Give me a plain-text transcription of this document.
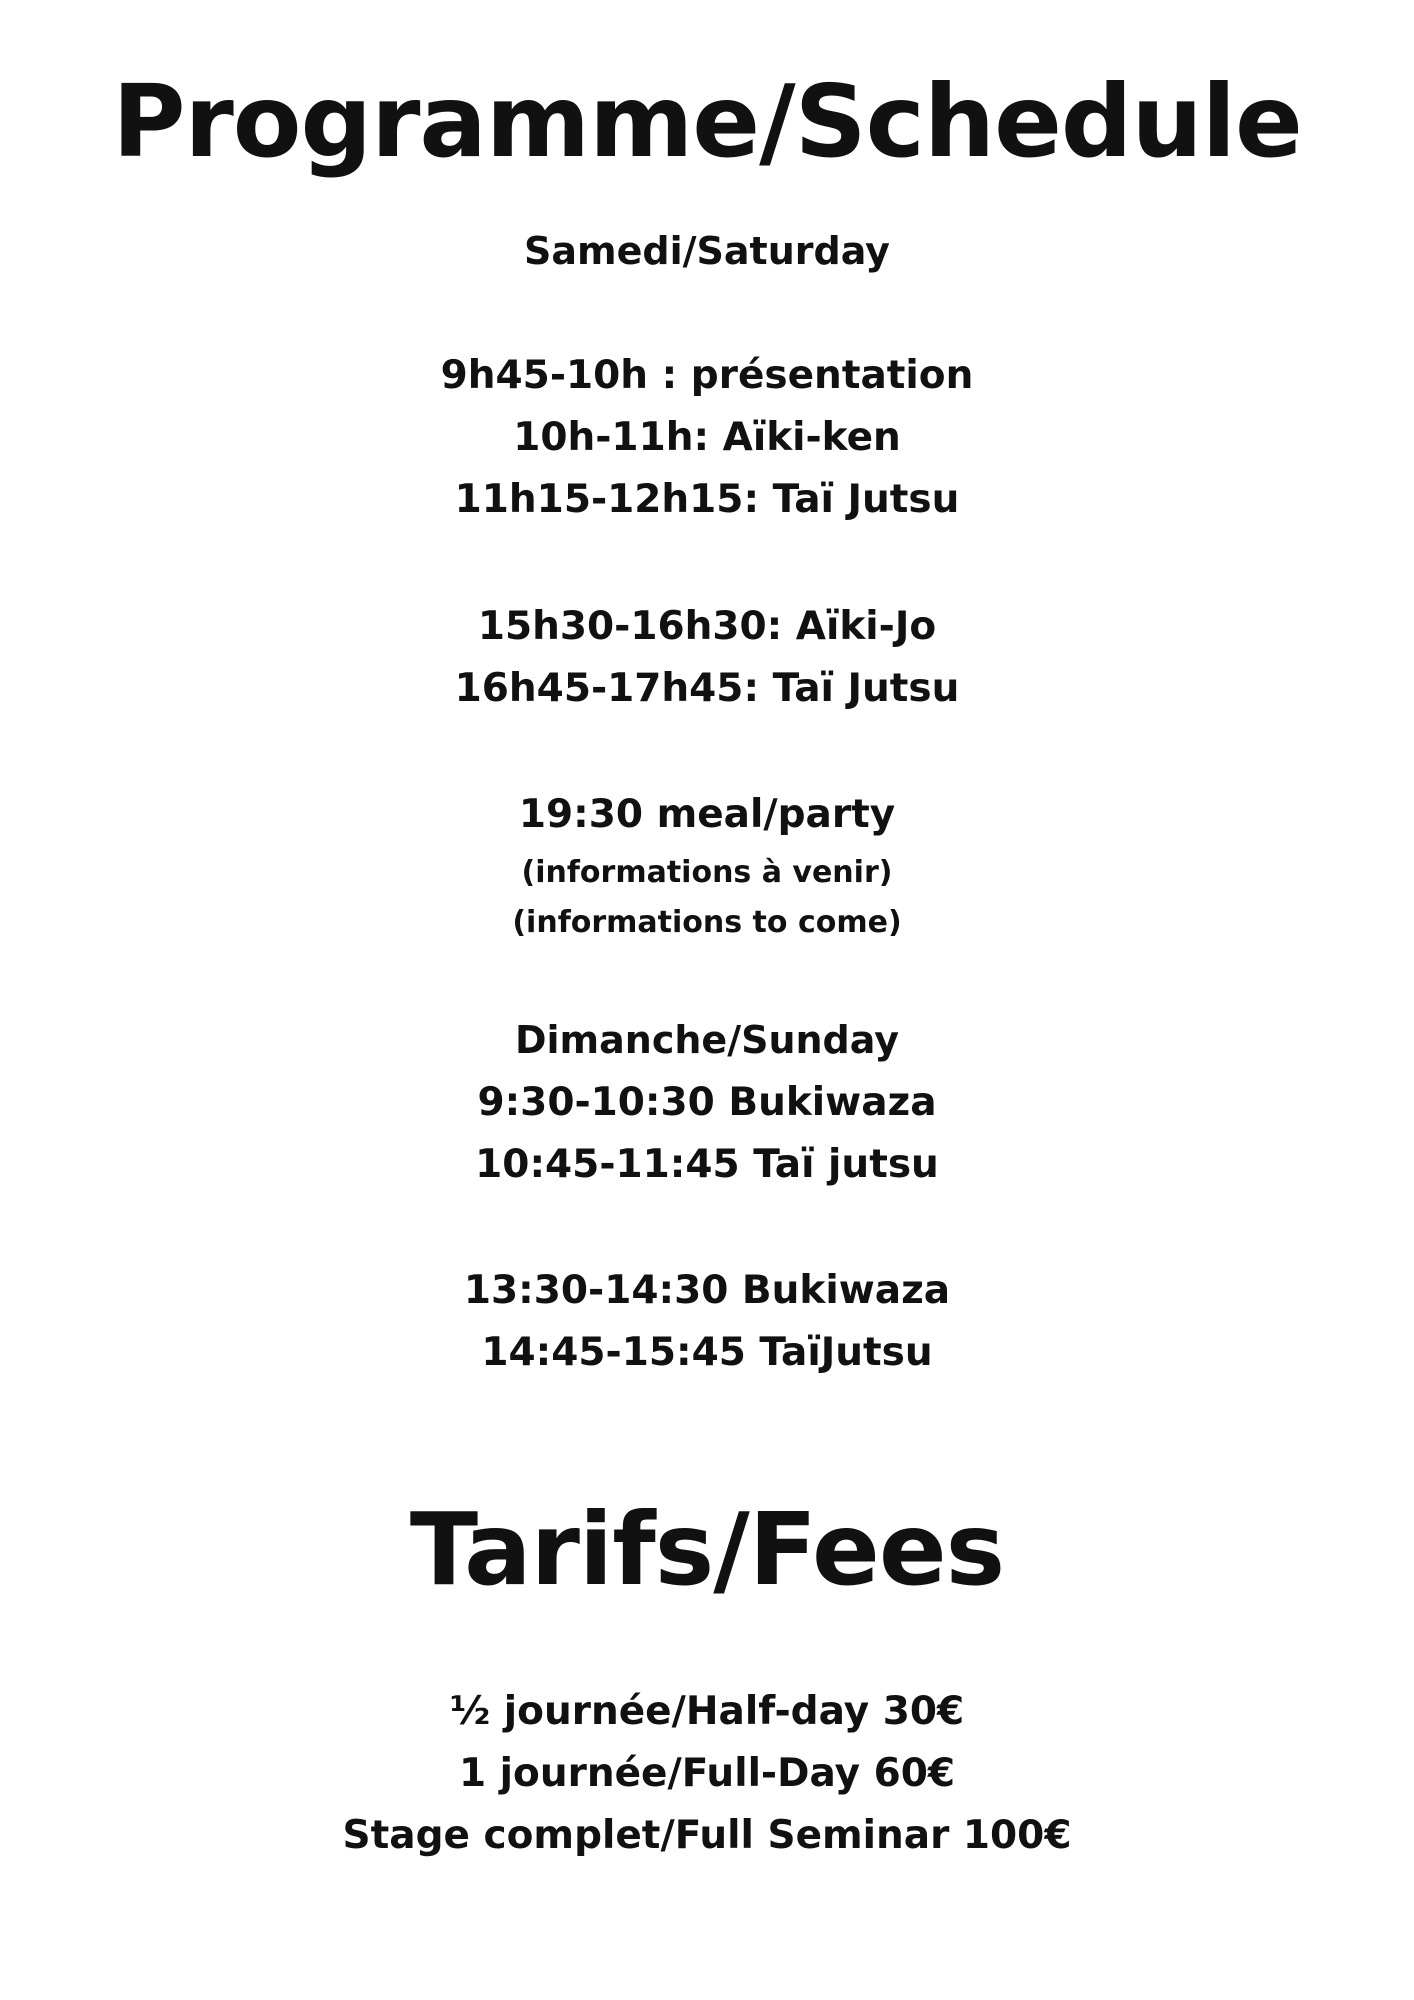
Programme/Schedule
Samedi/Saturday
9h45-10h : présentation
10h-11h: Aïki-ken
11h15-12h15: Taï Jutsu
15h30-16h30: Aïki-Jo
16h45-17h45: Taï Jutsu
19:30 meal/party
(informations à venir)
(informations to come)
Dimanche/Sunday
9:30-10:30 Bukiwaza
10:45-11:45 Taï jutsu
13:30-14:30 Bukiwaza
14:45-15:45 TaïJutsu
Tarifs/Fees
½ journée/Half-day 30€
1 journée/Full-Day 60€
Stage complet/Full Seminar 100€
